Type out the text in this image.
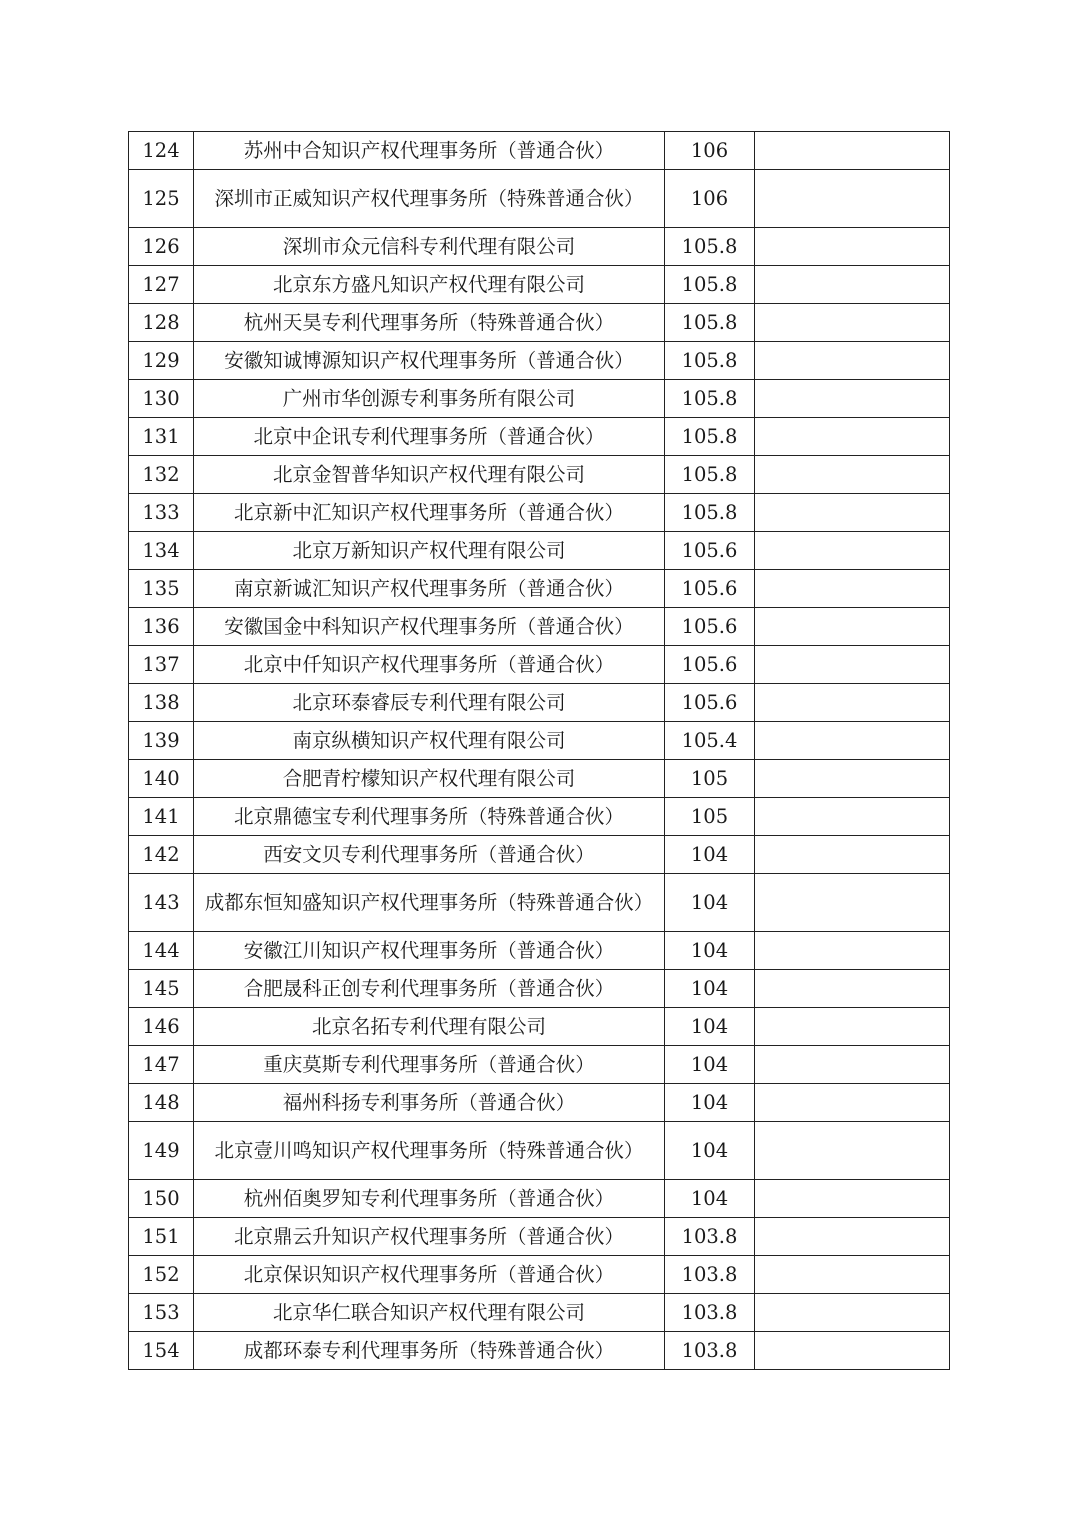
124	苏州中合知识产权代理事务所（普通合伙）	106	
125	深圳市正威知识产权代理事务所（特殊普通合伙）	106	
126	深圳市众元信科专利代理有限公司	105.8	
127	北京东方盛凡知识产权代理有限公司	105.8	
128	杭州天昊专利代理事务所（特殊普通合伙）	105.8	
129	安徽知诚博源知识产权代理事务所（普通合伙）	105.8	
130	广州市华创源专利事务所有限公司	105.8	
131	北京中企讯专利代理事务所（普通合伙）	105.8	
132	北京金智普华知识产权代理有限公司	105.8	
133	北京新中汇知识产权代理事务所（普通合伙）	105.8	
134	北京万新知识产权代理有限公司	105.6	
135	南京新诚汇知识产权代理事务所（普通合伙）	105.6	
136	安徽国金中科知识产权代理事务所（普通合伙）	105.6	
137	北京中仟知识产权代理事务所（普通合伙）	105.6	
138	北京环泰睿辰专利代理有限公司	105.6	
139	南京纵横知识产权代理有限公司	105.4	
140	合肥青柠檬知识产权代理有限公司	105	
141	北京鼎德宝专利代理事务所（特殊普通合伙）	105	
142	西安文贝专利代理事务所（普通合伙）	104	
143	成都东恒知盛知识产权代理事务所（特殊普通合伙）	104	
144	安徽江川知识产权代理事务所（普通合伙）	104	
145	合肥晟科正创专利代理事务所（普通合伙）	104	
146	北京名拓专利代理有限公司	104	
147	重庆莫斯专利代理事务所（普通合伙）	104	
148	福州科扬专利事务所（普通合伙）	104	
149	北京壹川鸣知识产权代理事务所（特殊普通合伙）	104	
150	杭州佰奥罗知专利代理事务所（普通合伙）	104	
151	北京鼎云升知识产权代理事务所（普通合伙）	103.8	
152	北京保识知识产权代理事务所（普通合伙）	103.8	
153	北京华仁联合知识产权代理有限公司	103.8	
154	成都环泰专利代理事务所（特殊普通合伙）	103.8	
